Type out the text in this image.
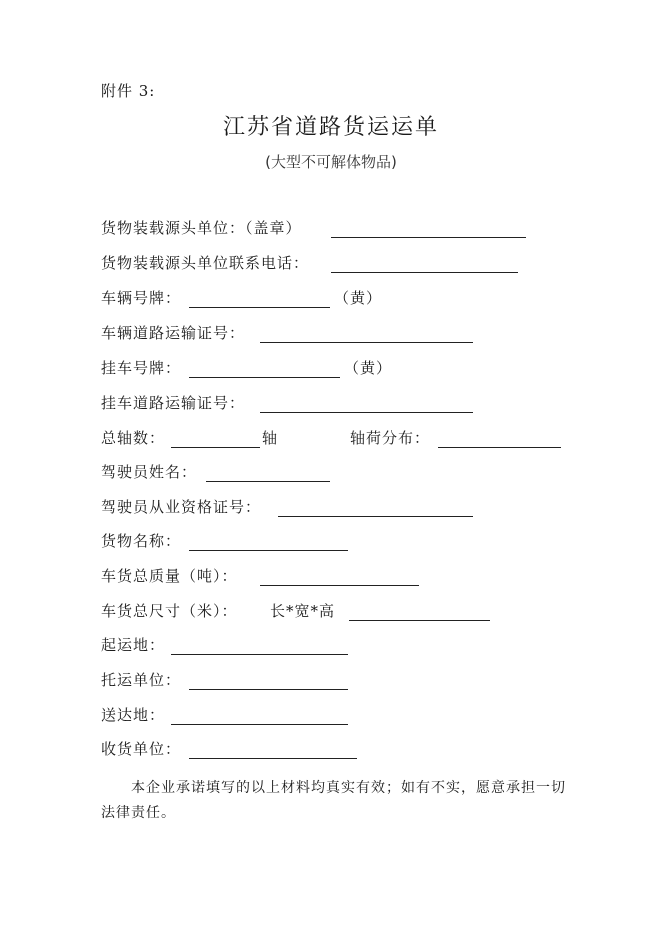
附件 3:
江苏省道路货运运单
(大型不可解体物品)
货物装载源头单位：（盖章）
货物装载源头单位联系电话：
车辆号牌：	（黄）
车辆道路运输证号：
挂车号牌：	（黄）
挂车道路运输证号：
总轴数：	轴	轴荷分布：
驾驶员姓名：
驾驶员从业资格证号：
货物名称：
车货总质量（吨）：
车货总尺寸（米）： 长*宽*高
起运地：
托运单位：
送达地：
收货单位：
本企业承诺填写的以上材料均真实有效；如有不实，愿意承担一切法律责任。
